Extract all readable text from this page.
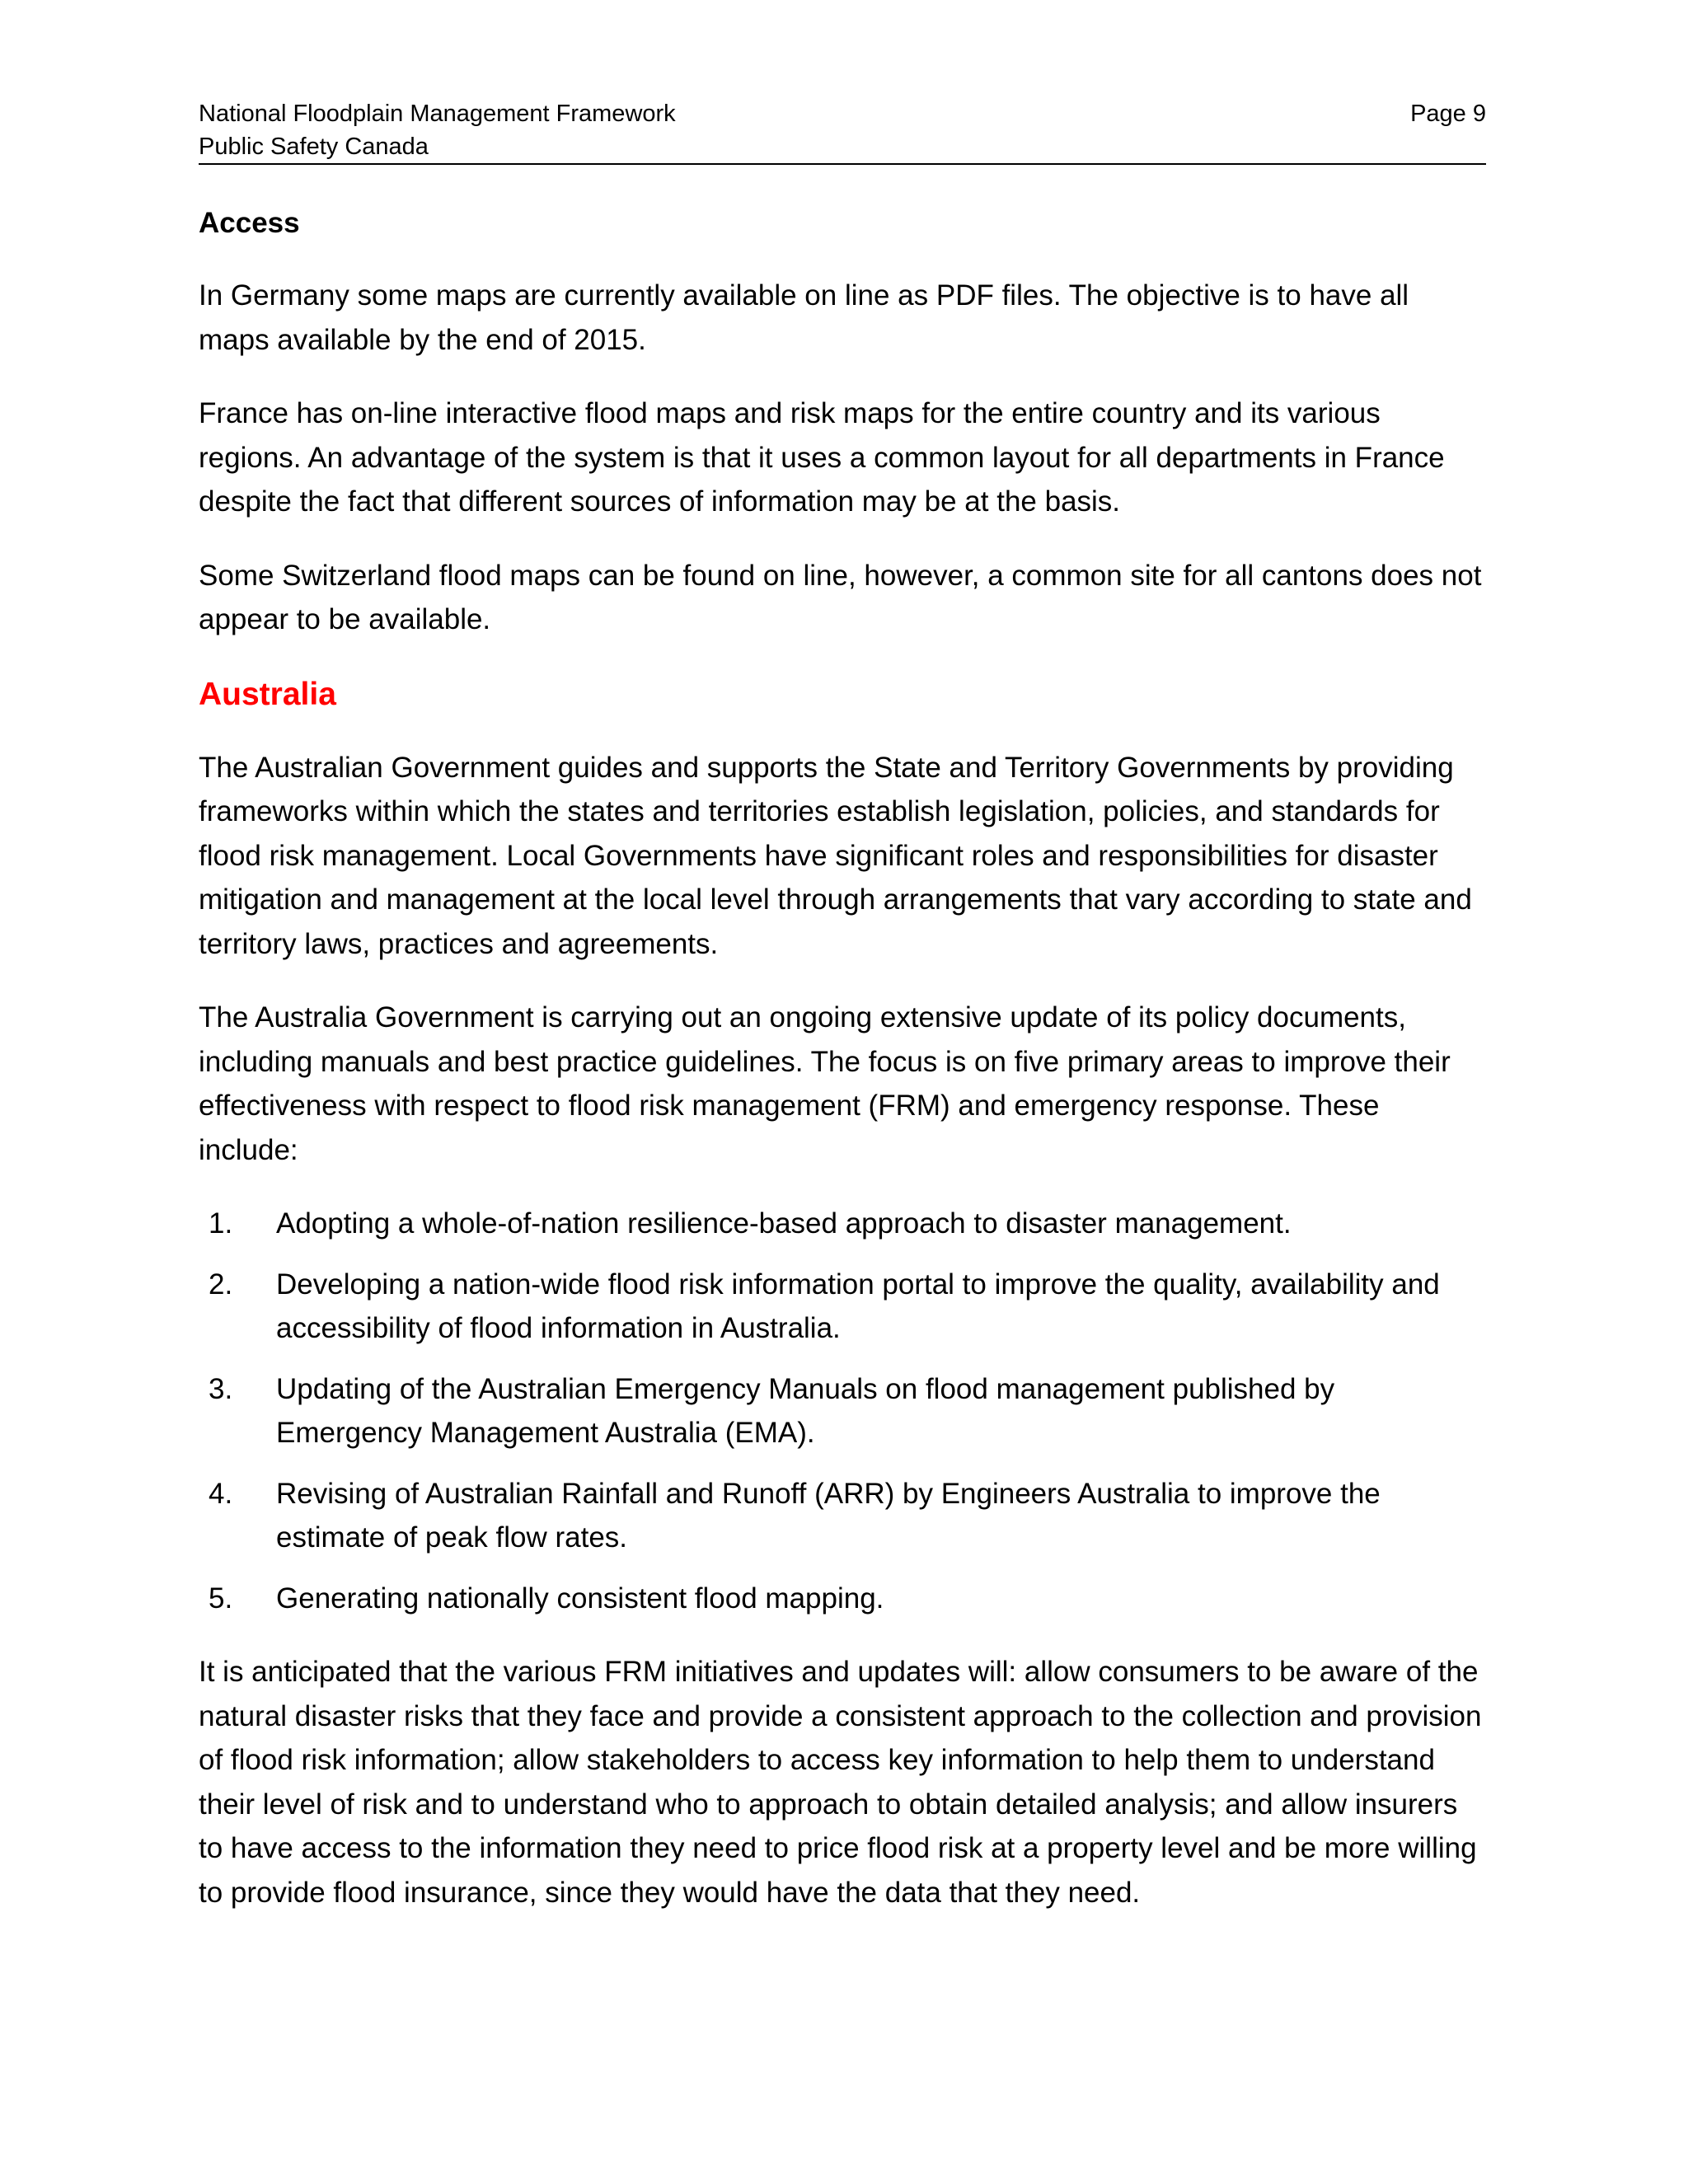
National Floodplain Management Framework
Public Safety Canada
Page 9
Access

In Germany some maps are currently available on line as PDF files. The objective is to have all maps available by the end of 2015.

France has on-line interactive flood maps and risk maps for the entire country and its various regions. An advantage of the system is that it uses a common layout for all departments in France despite the fact that different sources of information may be at the basis.

Some Switzerland flood maps can be found on line, however, a common site for all cantons does not appear to be available.

Australia

The Australian Government guides and supports the State and Territory Governments by providing frameworks within which the states and territories establish legislation, policies, and standards for flood risk management. Local Governments have significant roles and responsibilities for disaster mitigation and management at the local level through arrangements that vary according to state and territory laws, practices and agreements.

The Australia Government is carrying out an ongoing extensive update of its policy documents, including manuals and best practice guidelines. The focus is on five primary areas to improve their effectiveness with respect to flood risk management (FRM) and emergency response. These include:

1. Adopting a whole-of-nation resilience-based approach to disaster management.
2. Developing a nation-wide flood risk information portal to improve the quality, availability and accessibility of flood information in Australia.
3. Updating of the Australian Emergency Manuals on flood management published by Emergency Management Australia (EMA).
4. Revising of Australian Rainfall and Runoff (ARR) by Engineers Australia to improve the estimate of peak flow rates.
5. Generating nationally consistent flood mapping.

It is anticipated that the various FRM initiatives and updates will: allow consumers to be aware of the natural disaster risks that they face and provide a consistent approach to the collection and provision of flood risk information; allow stakeholders to access key information to help them to understand their level of risk and to understand who to approach to obtain detailed analysis; and allow insurers to have access to the information they need to price flood risk at a property level and be more willing to provide flood insurance, since they would have the data that they need.
